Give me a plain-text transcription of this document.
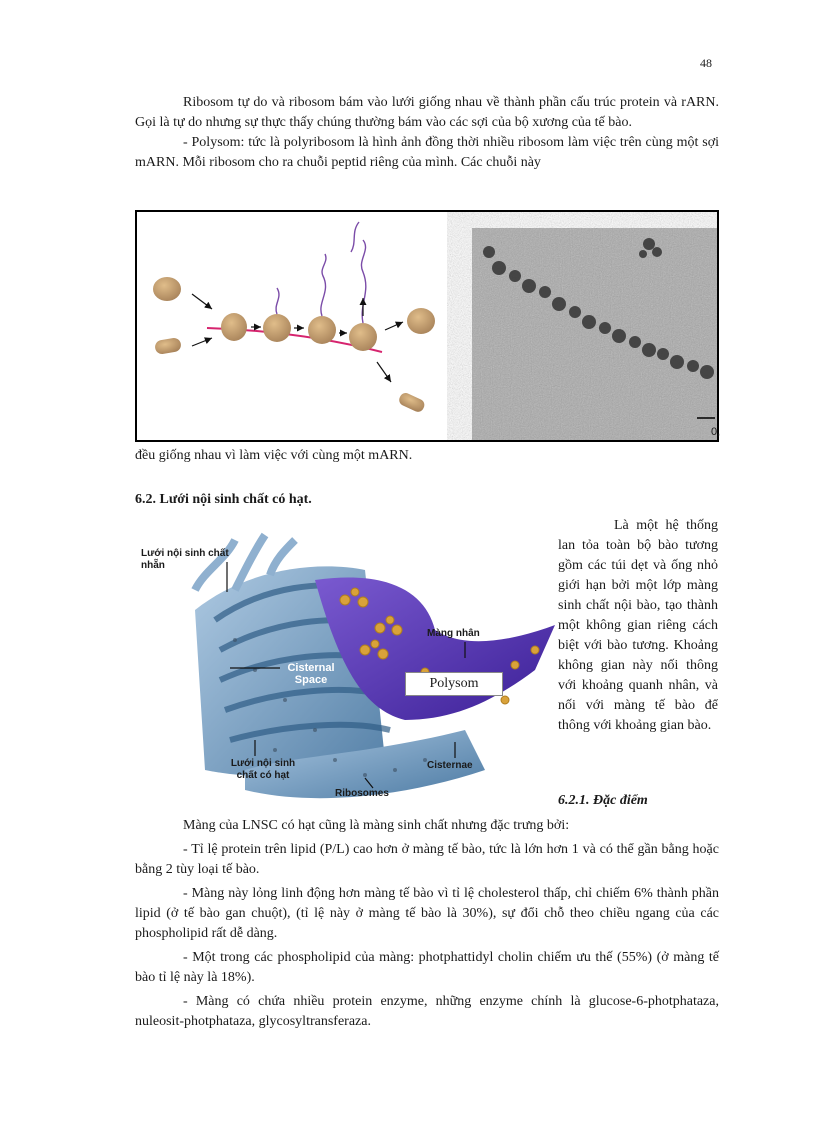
48

Ribosom tự do và ribosom bám vào lưới giống nhau về thành phần cấu trúc protein và rARN. Gọi là tự do nhưng sự thực thấy chúng thường bám vào các sợi của bộ xương của tế bào.

- Polysom: tức là polyribosom là hình ảnh đồng thời nhiều ribosom làm việc trên cùng một sợi mARN. Mỗi ribosom cho ra chuỗi peptid riêng của mình. Các chuỗi này

0,

đều giống nhau vì làm việc với cùng một mARN.

6.2. Lưới nội sinh chất có hạt.
Lưới nội sinh chất nhẵn
Cisternal Space
Màng nhân
Polysom
Lưới nội sinh chất có hạt
Cisternae
Ribosomes

Là một hệ thống lan tỏa toàn bộ bào tương gồm các túi dẹt và ống nhỏ giới hạn bởi một lớp màng sinh chất nội bào, tạo thành một không gian riêng cách biệt với bào tương. Khoảng không gian này nối thông với khoảng quanh nhân, và nối với màng tế bào để thông với khoảng gian bào.

6.2.1. Đặc điểm

Màng của LNSC có hạt cũng là màng sinh chất nhưng đặc trưng bởi:

- Tỉ lệ protein trên lipid (P/L) cao hơn ở màng tế bào, tức là lớn hơn 1 và có thể gần bằng hoặc bằng 2 tùy loại tế bào.

- Màng này lỏng linh động hơn màng tế bào vì tỉ lệ cholesterol thấp, chỉ chiếm 6% thành phần lipid (ở tế bào gan chuột), (tỉ lệ này ở màng tế bào là 30%), sự đổi chỗ theo chiều ngang của các phospholipid rất dễ dàng.

- Một trong các phospholipid của màng: photphattidyl cholin chiếm ưu thế (55%) (ở màng tế bào tỉ lệ này là 18%).

- Màng có chứa nhiều protein enzyme, những enzyme chính là glucose-6-photphataza, nuleosit-photphataza, glycosyltransferaza.
